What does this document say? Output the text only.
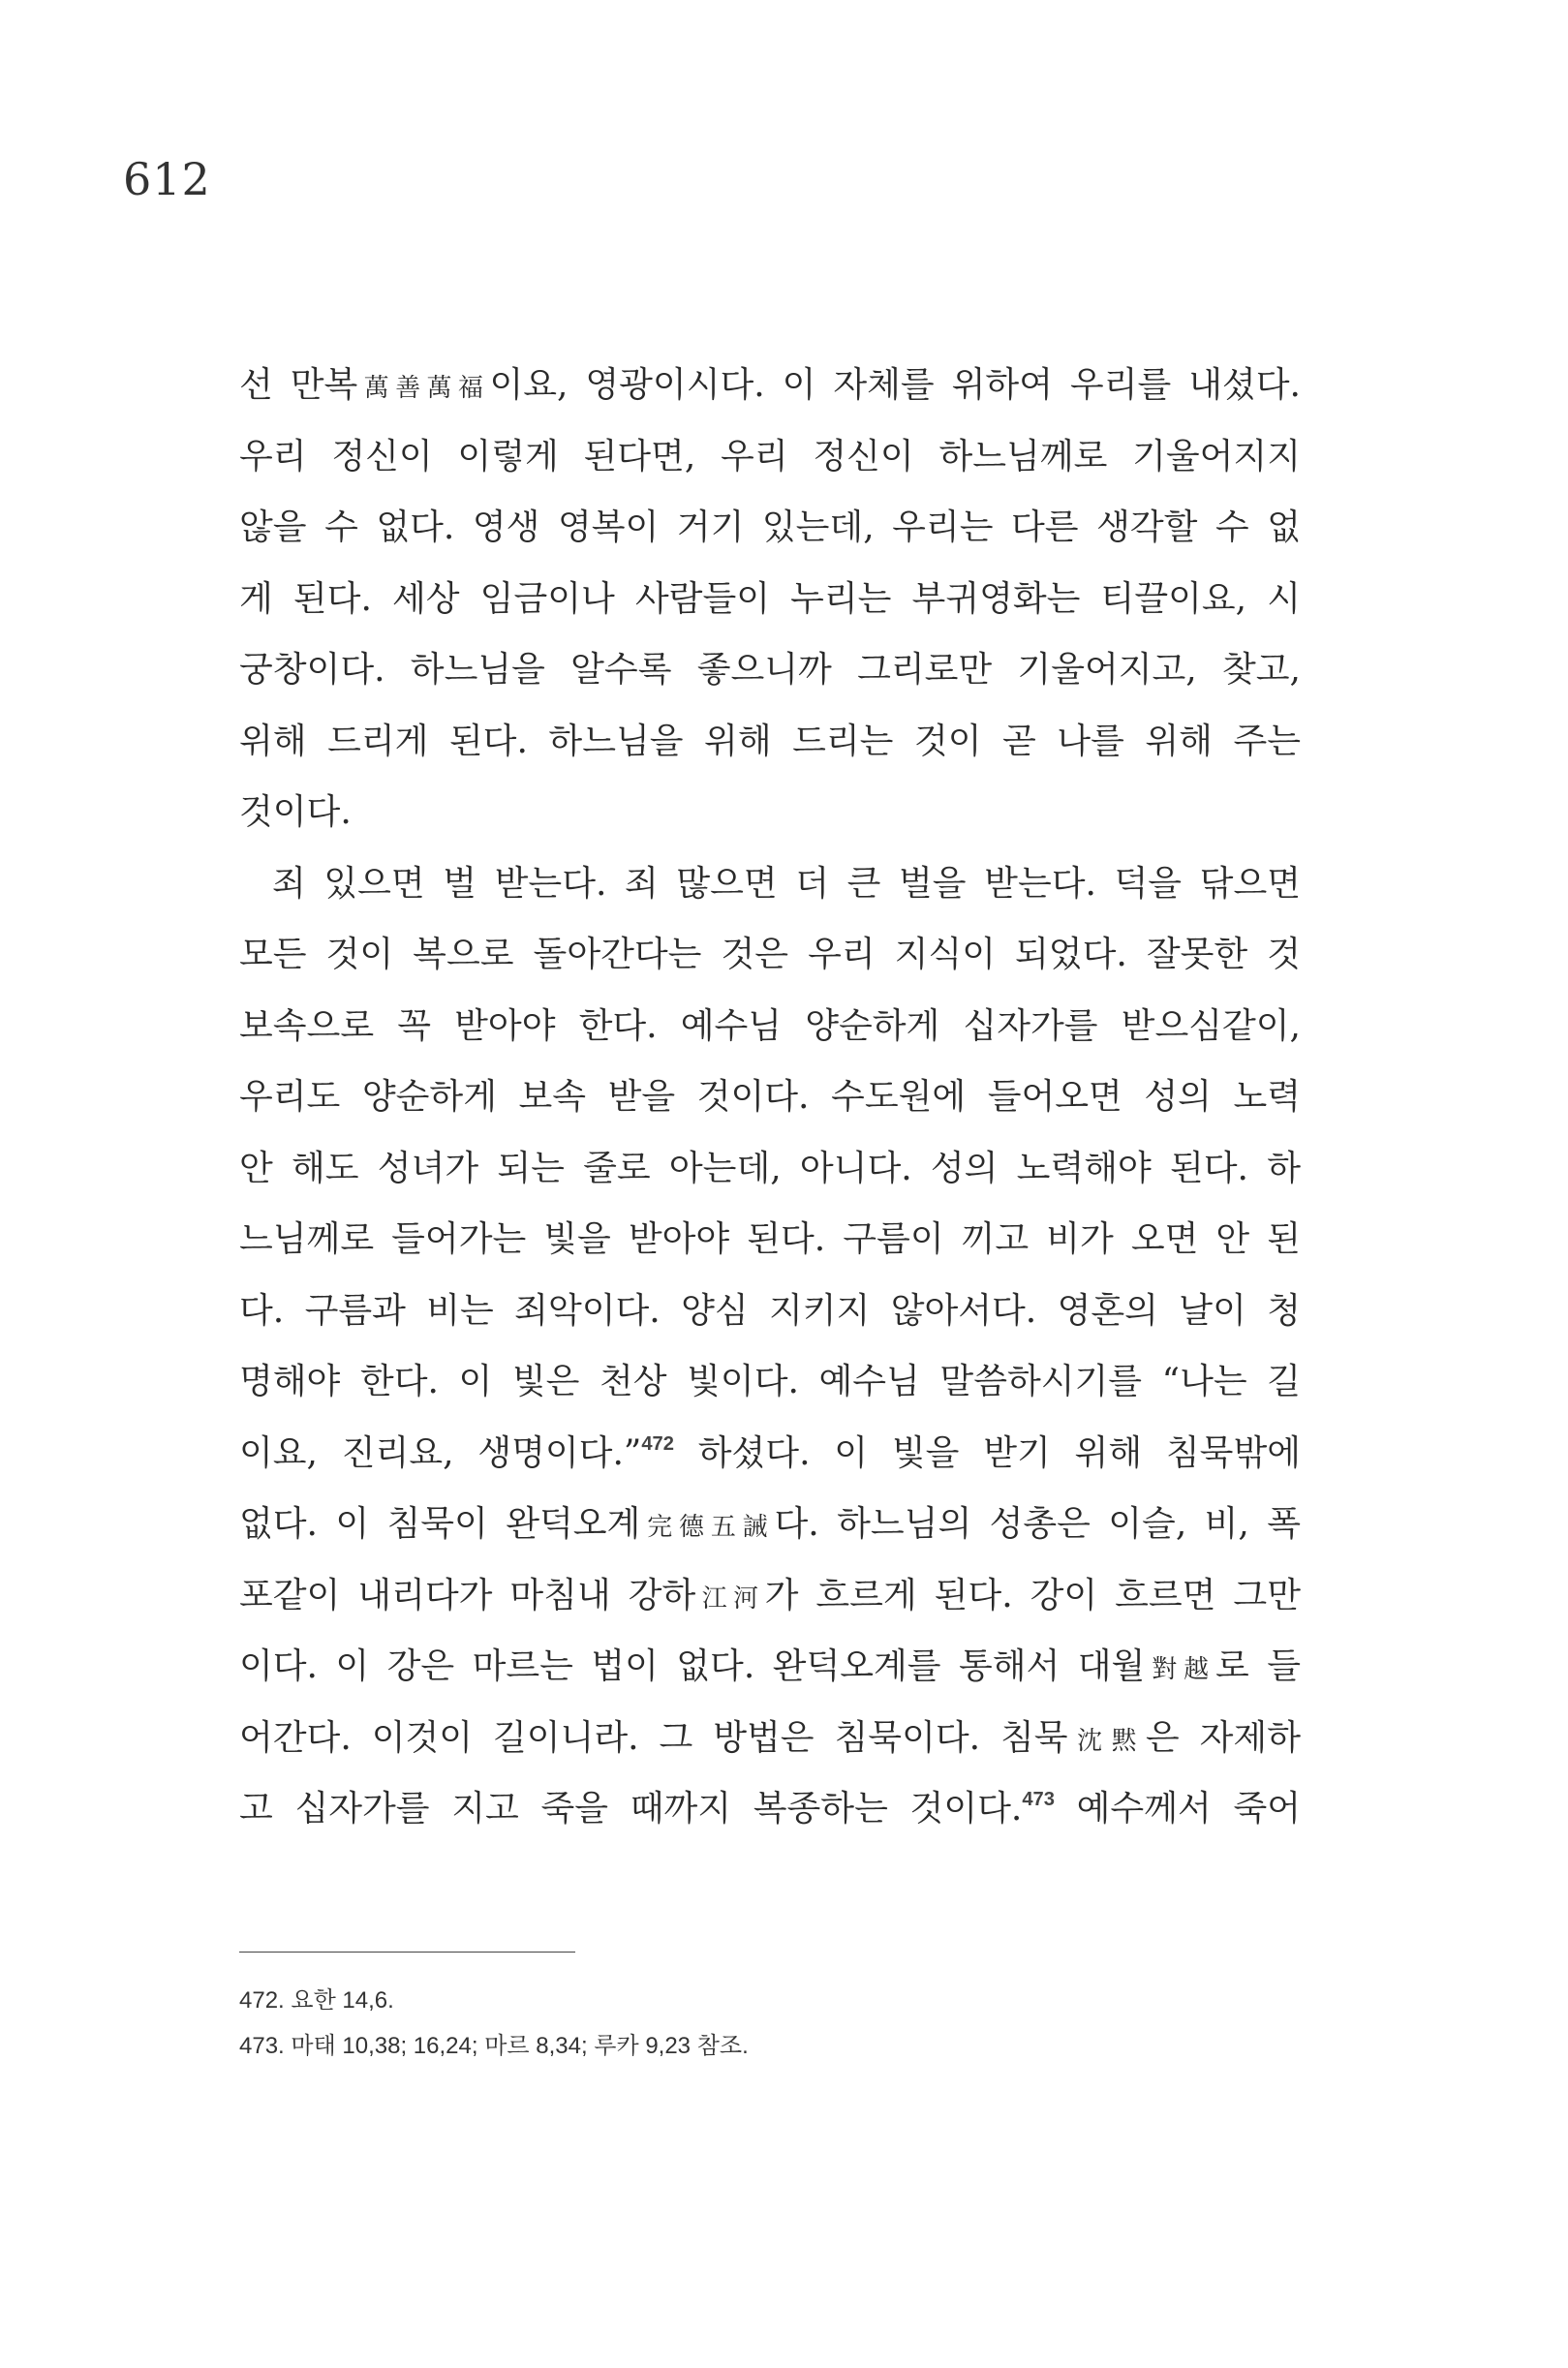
612
선 만복萬善萬福이요, 영광이시다. 이 자체를 위하여 우리를 내셨다.
우리 정신이 이렇게 된다면, 우리 정신이 하느님께로 기울어지지
않을 수 없다. 영생 영복이 거기 있는데, 우리는 다른 생각할 수 없
게 된다. 세상 임금이나 사람들이 누리는 부귀영화는 티끌이요, 시
궁창이다. 하느님을 알수록 좋으니까 그리로만 기울어지고, 찾고,
위해 드리게 된다. 하느님을 위해 드리는 것이 곧 나를 위해 주는
것이다.
죄 있으면 벌 받는다. 죄 많으면 더 큰 벌을 받는다. 덕을 닦으면
모든 것이 복으로 돌아간다는 것은 우리 지식이 되었다. 잘못한 것
보속으로 꼭 받아야 한다. 예수님 양순하게 십자가를 받으심같이,
우리도 양순하게 보속 받을 것이다. 수도원에 들어오면 성의 노력
안 해도 성녀가 되는 줄로 아는데, 아니다. 성의 노력해야 된다. 하
느님께로 들어가는 빛을 받아야 된다. 구름이 끼고 비가 오면 안 된
다. 구름과 비는 죄악이다. 양심 지키지 않아서다. 영혼의 날이 청
명해야 한다. 이 빛은 천상 빛이다. 예수님 말씀하시기를 “나는 길
이요, 진리요, 생명이다.”$^{472}$ 하셨다. 이 빛을 받기 위해 침묵밖에
없다. 이 침묵이 완덕오계完德五誡다. 하느님의 성총은 이슬, 비, 폭
포같이 내리다가 마침내 강하江河가 흐르게 된다. 강이 흐르면 그만
이다. 이 강은 마르는 법이 없다. 완덕오계를 통해서 대월對越로 들
어간다. 이것이 길이니라. 그 방법은 침묵이다. 침묵沈黙은 자제하
고 십자가를 지고 죽을 때까지 복종하는 것이다.$^{473}$ 예수께서 죽어
472. 요한 14,6.
473. 마태 10,38; 16,24; 마르 8,34; 루카 9,23 참조.
